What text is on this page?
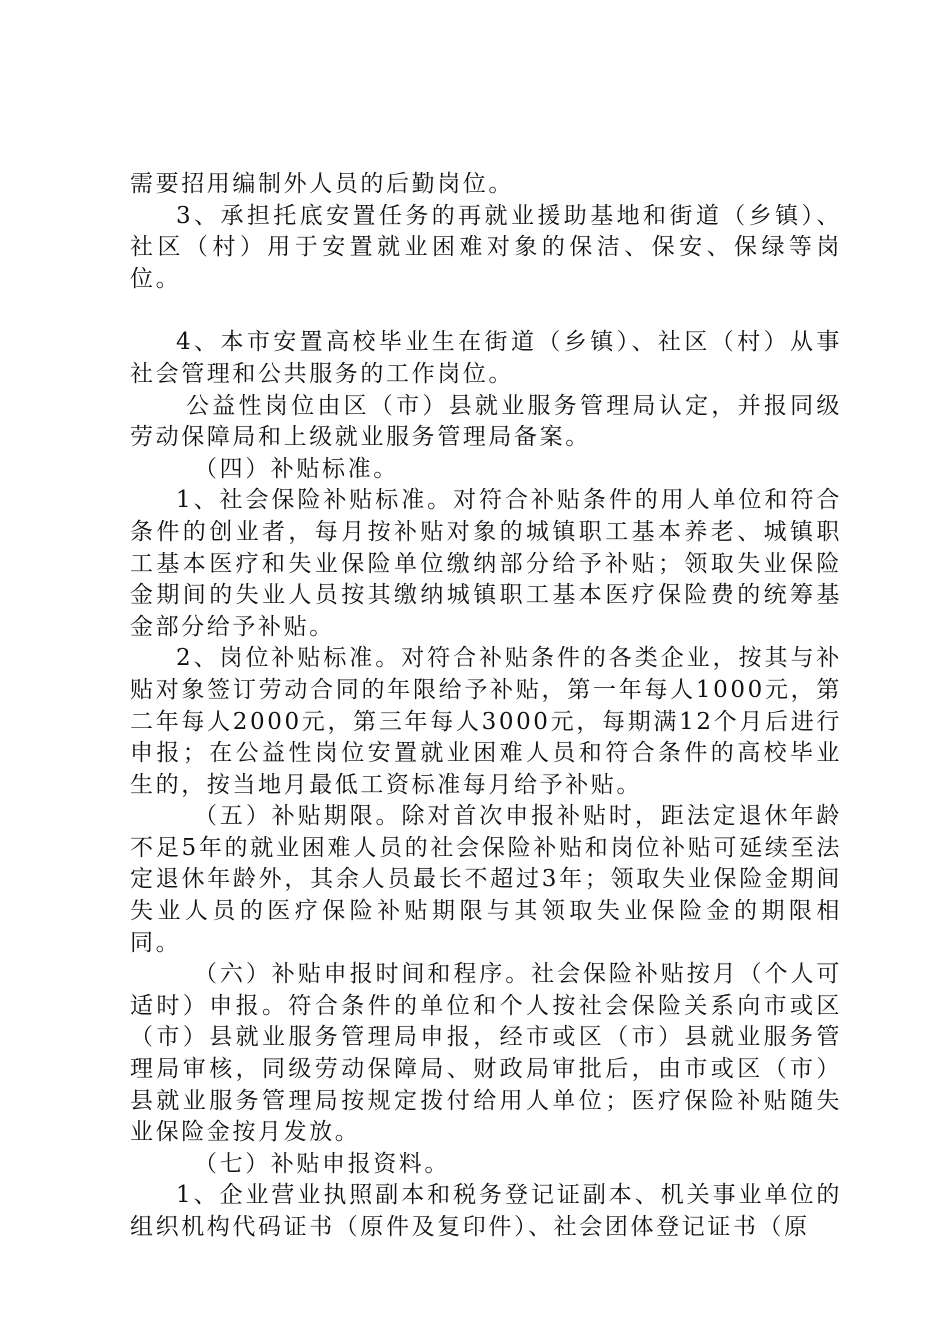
需要招用编制外人员的后勤岗位。

3、承担托底安置任务的再就业援助基地和街道（乡镇）、社区（村）用于安置就业困难对象的保洁、保安、保绿等岗位。

4、本市安置高校毕业生在街道（乡镇）、社区（村）从事社会管理和公共服务的工作岗位。

公益性岗位由区（市）县就业服务管理局认定，并报同级劳动保障局和上级就业服务管理局备案。

（四）补贴标准。

1、社会保险补贴标准。对符合补贴条件的用人单位和符合条件的创业者，每月按补贴对象的城镇职工基本养老、城镇职工基本医疗和失业保险单位缴纳部分给予补贴；领取失业保险金期间的失业人员按其缴纳城镇职工基本医疗保险费的统筹基金部分给予补贴。

2、岗位补贴标准。对符合补贴条件的各类企业，按其与补贴对象签订劳动合同的年限给予补贴，第一年每人1000元，第二年每人2000元，第三年每人3000元，每期满12个月后进行申报；在公益性岗位安置就业困难人员和符合条件的高校毕业生的，按当地月最低工资标准每月给予补贴。

（五）补贴期限。除对首次申报补贴时，距法定退休年龄不足5年的就业困难人员的社会保险补贴和岗位补贴可延续至法定退休年龄外，其余人员最长不超过3年；领取失业保险金期间失业人员的医疗保险补贴期限与其领取失业保险金的期限相同。

（六）补贴申报时间和程序。社会保险补贴按月（个人可适时）申报。符合条件的单位和个人按社会保险关系向市或区（市）县就业服务管理局申报，经市或区（市）县就业服务管理局审核，同级劳动保障局、财政局审批后，由市或区（市）县就业服务管理局按规定拨付给用人单位；医疗保险补贴随失业保险金按月发放。

（七）补贴申报资料。

1、企业营业执照副本和税务登记证副本、机关事业单位的组织机构代码证书（原件及复印件）、社会团体登记证书（原
